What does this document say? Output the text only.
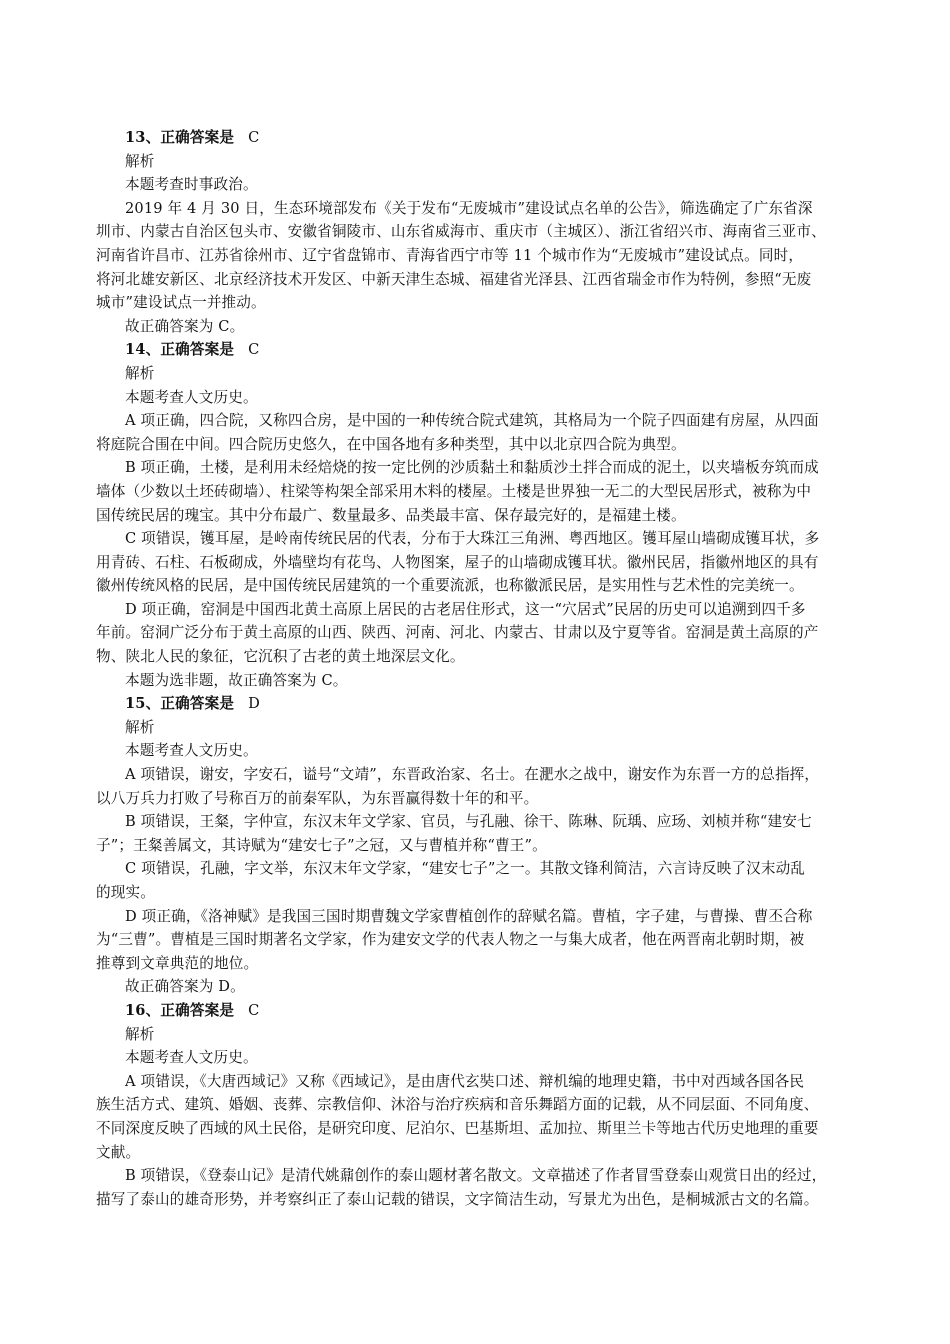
13、正确答案是 C
解析
本题考查时事政治。
2019 年 4 月 30 日，生态环境部发布《关于发布“无废城市”建设试点名单的公告》，筛选确定了广东省深
圳市、内蒙古自治区包头市、安徽省铜陵市、山东省威海市、重庆市（主城区）、浙江省绍兴市、海南省三亚市、
河南省许昌市、江苏省徐州市、辽宁省盘锦市、青海省西宁市等 11 个城市作为“无废城市”建设试点。同时，
将河北雄安新区、北京经济技术开发区、中新天津生态城、福建省光泽县、江西省瑞金市作为特例，参照“无废
城市”建设试点一并推动。
故正确答案为 C。
14、正确答案是 C
解析
本题考查人文历史。
A 项正确，四合院，又称四合房，是中国的一种传统合院式建筑，其格局为一个院子四面建有房屋，从四面
将庭院合围在中间。四合院历史悠久，在中国各地有多种类型，其中以北京四合院为典型。
B 项正确，土楼，是利用未经焙烧的按一定比例的沙质黏土和黏质沙土拌合而成的泥土，以夹墙板夯筑而成
墙体（少数以土坯砖砌墙）、柱梁等构架全部采用木料的楼屋。土楼是世界独一无二的大型民居形式，被称为中
国传统民居的瑰宝。其中分布最广、数量最多、品类最丰富、保存最完好的，是福建土楼。
C 项错误，镬耳屋，是岭南传统民居的代表，分布于大珠江三角洲、粤西地区。镬耳屋山墙砌成镬耳状，多
用青砖、石柱、石板砌成，外墙壁均有花鸟、人物图案，屋子的山墙砌成镬耳状。徽州民居，指徽州地区的具有
徽州传统风格的民居，是中国传统民居建筑的一个重要流派，也称徽派民居，是实用性与艺术性的完美统一。
D 项正确，窑洞是中国西北黄土高原上居民的古老居住形式，这一“穴居式”民居的历史可以追溯到四千多
年前。窑洞广泛分布于黄土高原的山西、陕西、河南、河北、内蒙古、甘肃以及宁夏等省。窑洞是黄土高原的产
物、陕北人民的象征，它沉积了古老的黄土地深层文化。
本题为选非题，故正确答案为 C。
15、正确答案是 D
解析
本题考查人文历史。
A 项错误，谢安，字安石，谥号“文靖”，东晋政治家、名士。在淝水之战中，谢安作为东晋一方的总指挥，
以八万兵力打败了号称百万的前秦军队，为东晋赢得数十年的和平。
B 项错误，王粲，字仲宣，东汉末年文学家、官员，与孔融、徐干、陈琳、阮瑀、应玚、刘桢并称“建安七
子”；王粲善属文，其诗赋为“建安七子”之冠，又与曹植并称“曹王”。
C 项错误，孔融，字文举，东汉末年文学家，“建安七子”之一。其散文锋利简洁，六言诗反映了汉末动乱
的现实。
D 项正确，《洛神赋》是我国三国时期曹魏文学家曹植创作的辞赋名篇。曹植，字子建，与曹操、曹丕合称
为“三曹”。曹植是三国时期著名文学家，作为建安文学的代表人物之一与集大成者，他在两晋南北朝时期，被
推尊到文章典范的地位。
故正确答案为 D。
16、正确答案是 C
解析
本题考查人文历史。
A 项错误，《大唐西域记》又称《西域记》，是由唐代玄奘口述、辩机编的地理史籍，书中对西域各国各民
族生活方式、建筑、婚姻、丧葬、宗教信仰、沐浴与治疗疾病和音乐舞蹈方面的记载，从不同层面、不同角度、
不同深度反映了西域的风土民俗，是研究印度、尼泊尔、巴基斯坦、孟加拉、斯里兰卡等地古代历史地理的重要
文献。
B 项错误，《登泰山记》是清代姚鼐创作的泰山题材著名散文。文章描述了作者冒雪登泰山观赏日出的经过，
描写了泰山的雄奇形势，并考察纠正了泰山记载的错误，文字简洁生动，写景尤为出色，是桐城派古文的名篇。
